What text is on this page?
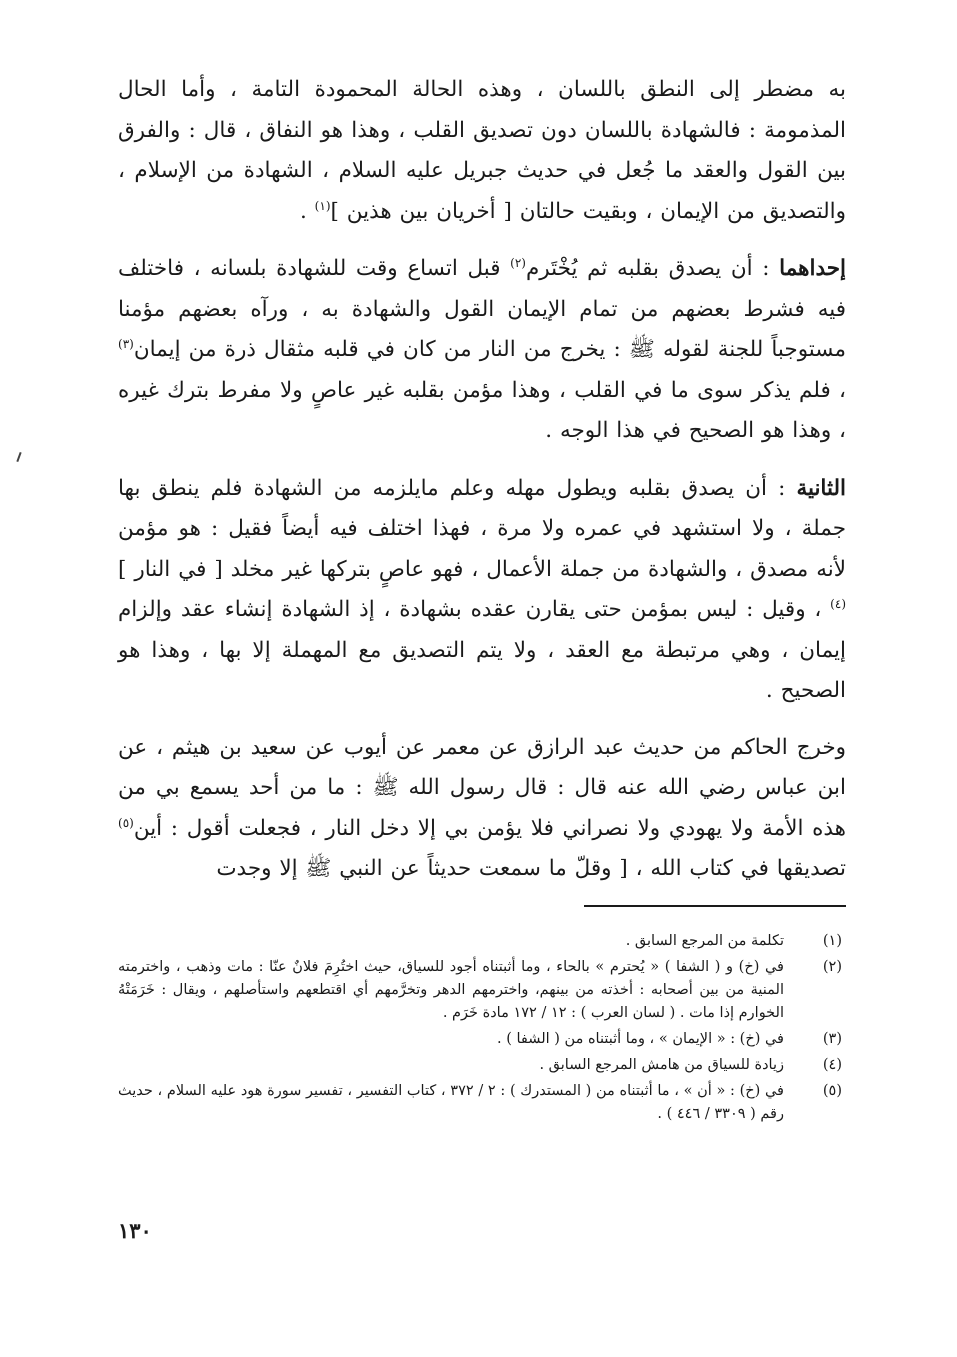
به مضطر إلى النطق باللسان ، وهذه الحالة المحمودة التامة ، وأما الحال المذمومة : فالشهادة باللسان دون تصديق القلب ، وهذا هو النفاق ، قال : والفرق بين القول والعقد ما جُعل في حديث جبريل عليه السلام ، الشهادة من الإسلام ، والتصديق من الإيمان ، وبقيت حالتان [ أخريان بين هذين ]$^{(١)}$ .

إحداهما : أن يصدق بقلبه ثم يُخْتَرم$^{(٢)}$ قبل اتساع وقت للشهادة بلسانه ، فاختلف فيه فشرط بعضهم من تمام الإيمان القول والشهادة به ، ورآه بعضهم مؤمنا مستوجباً للجنة لقوله ﷺ : يخرج من النار من كان في قلبه مثقال ذرة من إيمان$^{(٣)}$ ، فلم يذكر سوى ما في القلب ، وهذا مؤمن بقلبه غير عاصٍ ولا مفرط بترك غيره ، وهذا هو الصحيح في هذا الوجه .

الثانية : أن يصدق بقلبه ويطول مهله وعلم مايلزمه من الشهادة فلم ينطق بها جملة ، ولا استشهد في عمره ولا مرة ، فهذا اختلف فيه أيضاً فقيل : هو مؤمن لأنه مصدق ، والشهادة من جملة الأعمال ، فهو عاصٍ بتركها غير مخلد [ في النار ]$^{(٤)}$ ، وقيل : ليس بمؤمن حتى يقارن عقده بشهادة ، إذ الشهادة إنشاء عقد وإلزام إيمان ، وهي مرتبطة مع العقد ، ولا يتم التصديق مع المهملة إلا بها ، وهذا هو الصحيح .

وخرج الحاكم من حديث عبد الرازق عن معمر عن أيوب عن سعيد بن هيثم ، عن ابن عباس رضي الله عنه قال : قال رسول الله ﷺ : ما من أحد يسمع بي من هذه الأمة ولا يهودي ولا نصراني فلا يؤمن بي إلا دخل النار ، فجعلت أقول : أين$^{(٥)}$ تصديقها في كتاب الله ، [ وقلّ ما سمعت حديثاً عن النبي ﷺ إلا وجدت

(١)
تكلمة من المرجع السابق .
(٢)
في (خ) و ( الشفا ) « يُحترم » بالحاء ، وما أثبتناه أجود للسياق، حيث اختُرِمَ فلانٌ عنّا : مات وذهب ، واخترمته المنية من بين أصحابه : أخذته من بينهم، واخترمهم الدهر وتخرَّمهم أي اقتطعهم واستأصلهم ، ويقال : خَرَمَتْهُ الخوارم إذا مات . ( لسان العرب ) : ١٢ / ١٧٢ مادة خَرَم .
(٣)
في (خ) : « الإيمان » ، وما أثبتناه من ( الشفا ) .
(٤)
زيادة للسياق من هامش المرجع السابق .
(٥)
في (خ) : « أن » ، ما أثبتناه من ( المستدرك ) : ٢ / ٣٧٢ ، كتاب التفسير ، تفسير سورة هود عليه السلام ، حديث رقم ( ٣٣٠٩ / ٤٤٦ ) .
١٣٠
